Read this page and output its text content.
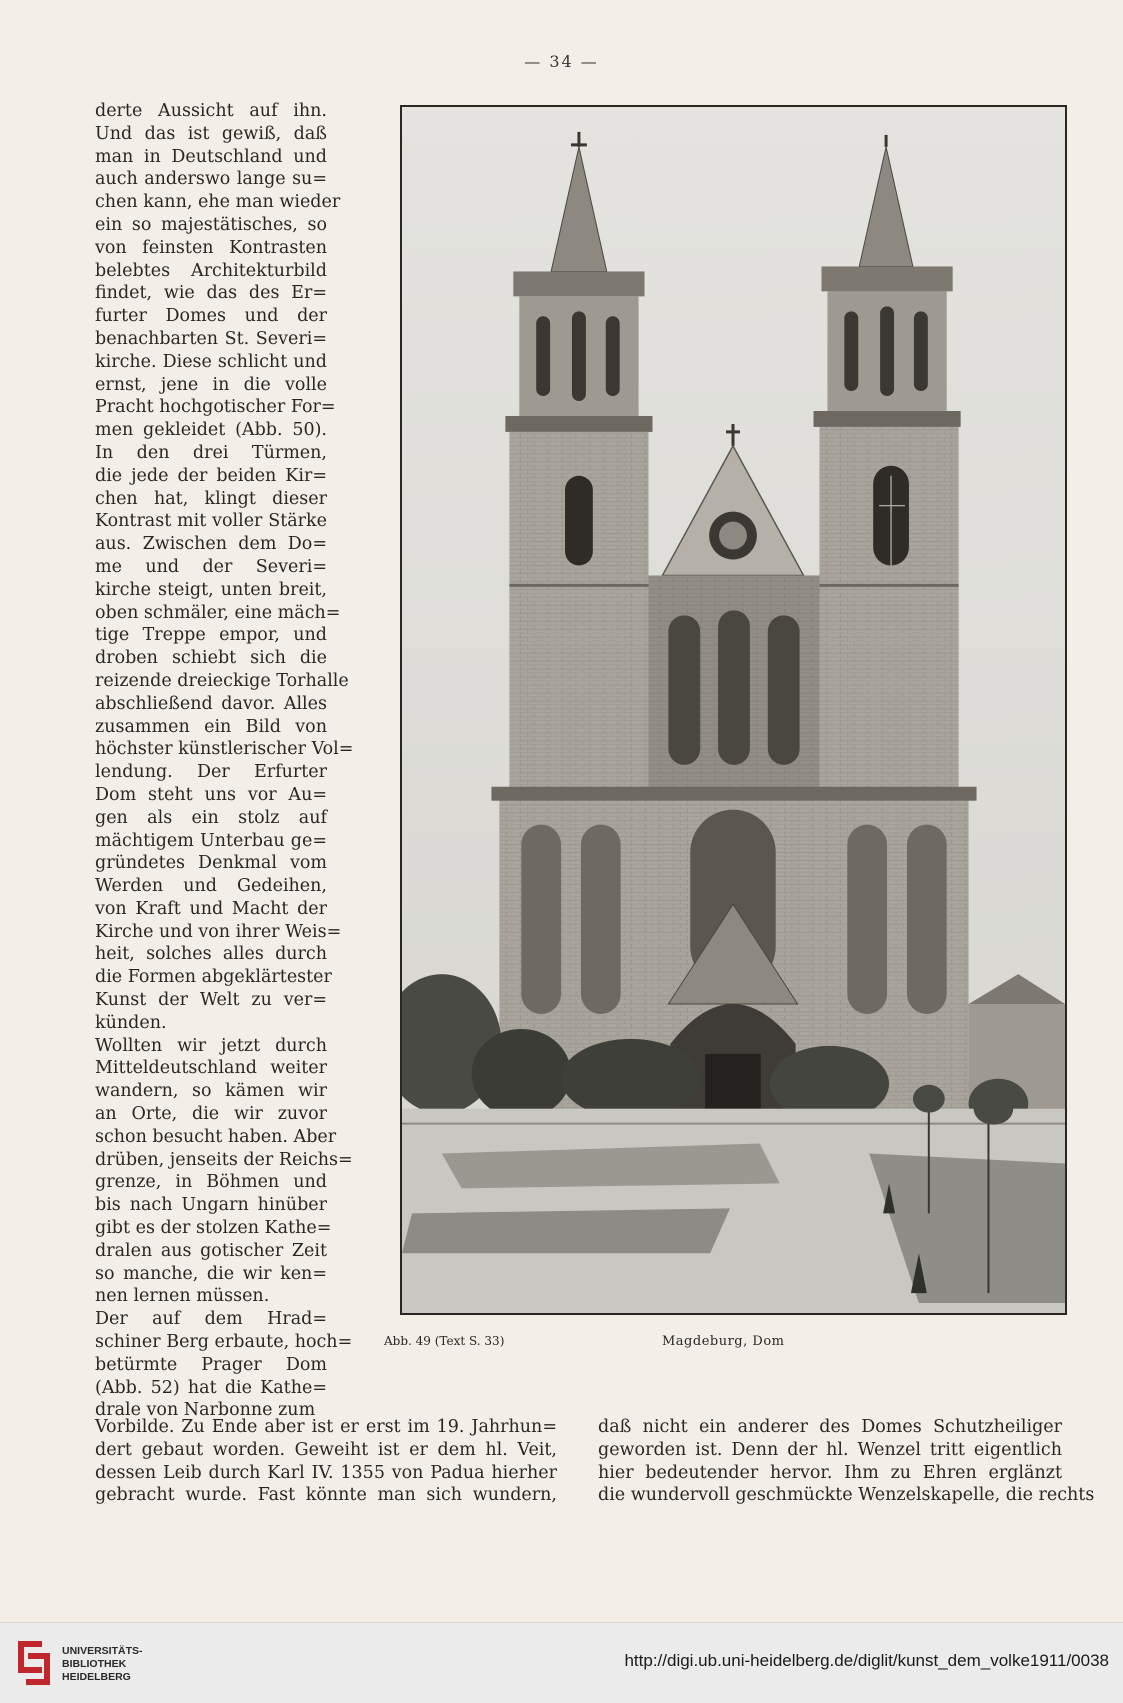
— 34 —
derte Aussicht auf ihn.
Und das ist gewiß, daß
man in Deutschland und
auch anderswo lange su=
chen kann, ehe man wieder
ein so majestätisches, so
von feinsten Kontrasten
belebtes Architekturbild
findet, wie das des Er=
furter Domes und der
benachbarten St. Severi=
kirche. Diese schlicht und
ernst, jene in die volle
Pracht hochgotischer For=
men gekleidet (Abb. 50).
In den drei Türmen,
die jede der beiden Kir=
chen hat, klingt dieser
Kontrast mit voller Stärke
aus. Zwischen dem Do=
me und der Severi=
kirche steigt, unten breit,
oben schmäler, eine mäch=
tige Treppe empor, und
droben schiebt sich die
reizende dreieckige Torhalle
abschließend davor. Alles
zusammen ein Bild von
höchster künstlerischer Vol=
lendung. Der Erfurter
Dom steht uns vor Au=
gen als ein stolz auf
mächtigem Unterbau ge=
gründetes Denkmal vom
Werden und Gedeihen,
von Kraft und Macht der
Kirche und von ihrer Weis=
heit, solches alles durch
die Formen abgeklärtester
Kunst der Welt zu ver=
künden.
Wollten wir jetzt durch
Mitteldeutschland weiter
wandern, so kämen wir
an Orte, die wir zuvor
schon besucht haben. Aber
drüben, jenseits der Reichs=
grenze, in Böhmen und
bis nach Ungarn hinüber
gibt es der stolzen Kathe=
dralen aus gotischer Zeit
so manche, die wir ken=
nen lernen müssen.
Der auf dem Hrad=
schiner Berg erbaute, hoch=
betürmte Prager Dom
(Abb. 52) hat die Kathe=
drale von Narbonne zum
Abb. 49 (Text S. 33)	Magdeburg, Dom
Vorbilde. Zu Ende aber ist er erst im 19. Jahrhun=
dert gebaut worden. Geweiht ist er dem hl. Veit,
dessen Leib durch Karl IV. 1355 von Padua hierher
gebracht wurde. Fast könnte man sich wundern,
daß nicht ein anderer des Domes Schutzheiliger
geworden ist. Denn der hl. Wenzel tritt eigentlich
hier bedeutender hervor. Ihm zu Ehren erglänzt
die wundervoll geschmückte Wenzelskapelle, die rechts
UNIVERSITÄTS-
BIBLIOTHEK
HEIDELBERG
http://digi.ub.uni-heidelberg.de/diglit/kunst_dem_volke1911/0038
